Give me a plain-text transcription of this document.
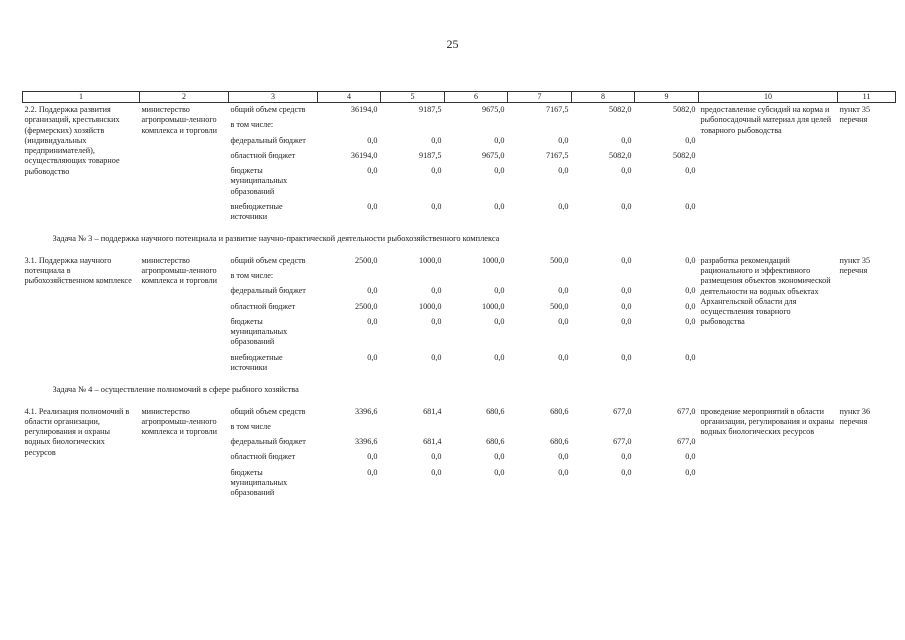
25
1	2	3	4	5	6	7	8	9	10	11
2.2. Поддержка развития организаций, крестьянских (фермерских) хозяйств (индивидуальных предпринимателей), осуществляющих товарное рыбоводство	министерство агропромыш-ленного комплекса и торговли	общий объем средств	36194,0	9187,5	9675,0	7167,5	5082,0	5082,0	предоставление субсидий на корма и рыбопосадочный материал для целей товарного рыбоводства	пункт 35 перечня
		в том числе:								
		федеральный бюджет	0,0	0,0	0,0	0,0	0,0	0,0		
		областной бюджет	36194,0	9187,5	9675,0	7167,5	5082,0	5082,0		
		бюджеты муниципальных образований	0,0	0,0	0,0	0,0	0,0	0,0		
		внебюджетные источники	0,0	0,0	0,0	0,0	0,0	0,0		
Задача № 3 – поддержка научного потенциала и развитие научно-практической деятельности рыбохозяйственного комплекса										
3.1. Поддержка научного потенциала в рыбохозяйственном комплексе	министерство агропромыш-ленного комплекса и торговли	общий объем средств	2500,0	1000,0	1000,0	500,0	0,0	0,0	разработка рекомендаций рационального и эффективного размещения объектов экономической деятельности на водных объектах Архангельской области для осуществления товарного рыбоводства	пункт 35 перечня
		в том числе:								
		федеральный бюджет	0,0	0,0	0,0	0,0	0,0	0,0		
		областной бюджет	2500,0	1000,0	1000,0	500,0	0,0	0,0		
		бюджеты муниципальных образований	0,0	0,0	0,0	0,0	0,0	0,0		
		внебюджетные источники	0,0	0,0	0,0	0,0	0,0	0,0		
Задача № 4 – осуществление полномочий в сфере рыбного хозяйства										
4.1. Реализация полномочий в области организации, регулирования и охраны водных биологических ресурсов	министерство агропромыш-ленного комплекса и торговли	общий объем средств	3396,6	681,4	680,6	680,6	677,0	677,0	проведение мероприятий в области организации, регулирования и охраны водных биологических ресурсов	пункт 36 перечня
		в том числе								
		федеральный бюджет	3396,6	681,4	680,6	680,6	677,0	677,0		
		областной бюджет	0,0	0,0	0,0	0,0	0,0	0,0		
		бюджеты муниципальных образований	0,0	0,0	0,0	0,0	0,0	0,0		
